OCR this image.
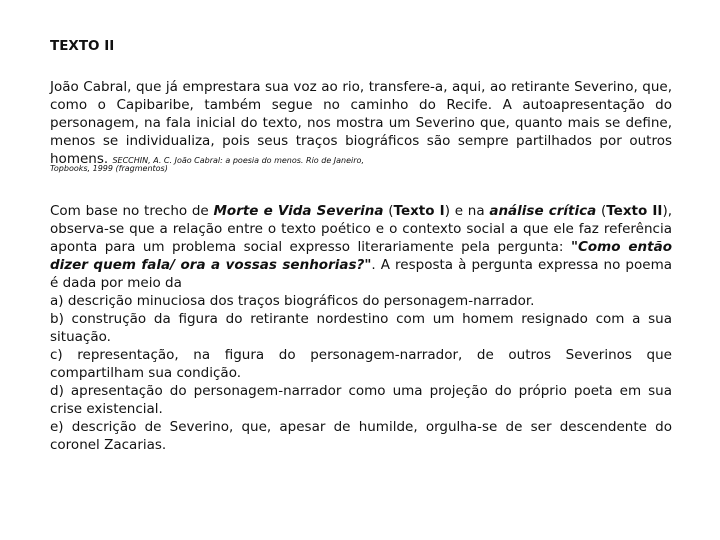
TEXTO II

João Cabral, que já emprestara sua voz ao rio, transfere-a, aqui, ao retirante Severino, que, como o Capibaribe, também segue no caminho do Recife. A autoapresentação do personagem, na fala inicial do texto, nos mostra um Severino que, quanto mais se define, menos se individualiza, pois seus traços biográficos são sempre partilhados por outros homens. SECCHIN, A. C. João Cabral: a poesia do menos. Rio de Janeiro,

Topbooks, 1999 (fragmentos)

Com base no trecho de Morte e Vida Severina (Texto I) e na análise crítica (Texto II), observa-se que a relação entre o texto poético e o contexto social a que ele faz referência aponta para um problema social expresso literariamente pela pergunta: "Como então dizer quem fala/ ora a vossas senhorias?". A resposta à pergunta expressa no poema é dada por meio da

a) descrição minuciosa dos traços biográficos do personagem-narrador.

b) construção da figura do retirante nordestino com um homem resignado com a sua situação.

c) representação, na figura do personagem-narrador, de outros Severinos que compartilham sua condição.

d) apresentação do personagem-narrador como uma projeção do próprio poeta em sua crise existencial.

e) descrição de Severino, que, apesar de humilde, orgulha-se de ser descendente do coronel Zacarias.
